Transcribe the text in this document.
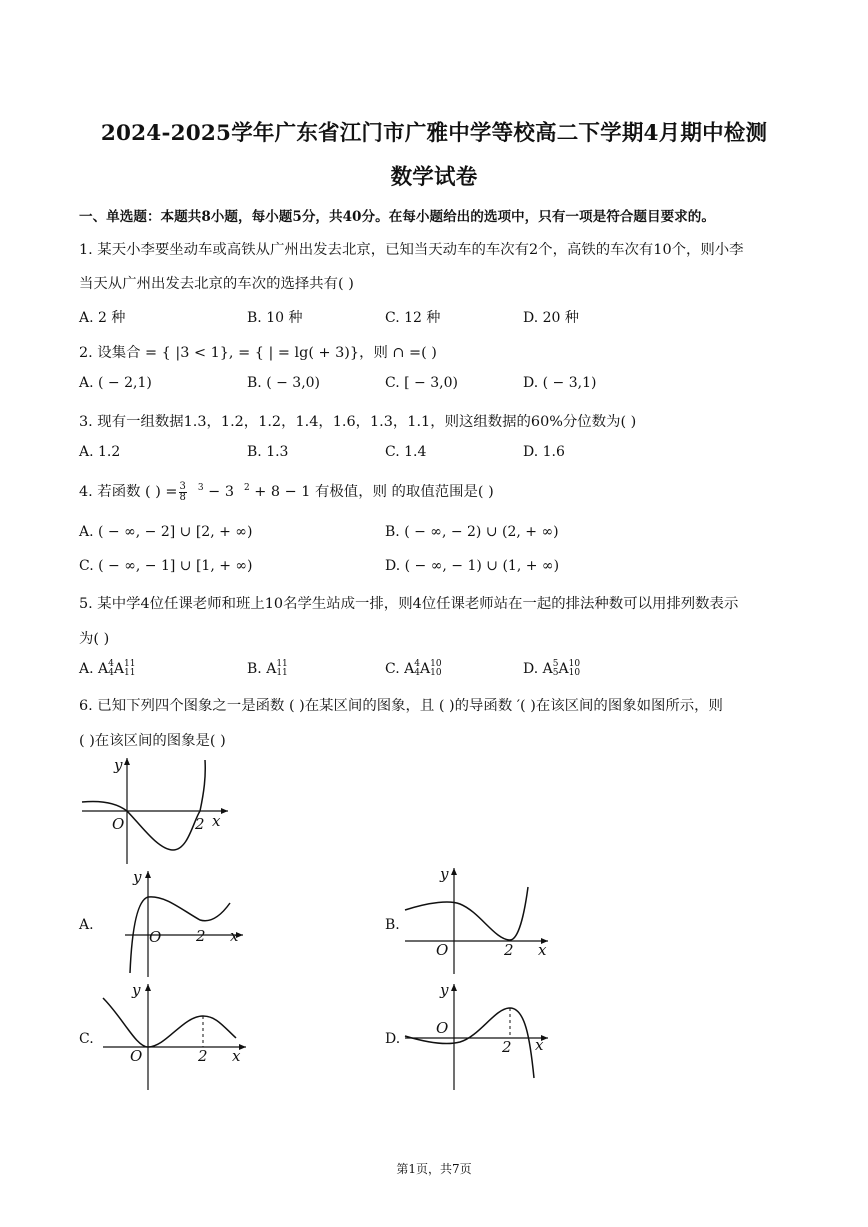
2024-2025学年广东省江门市广雅中学等校高二下学期4月期中检测
数学试卷
一、单选题：本题共8小题，每小题5分，共40分。在每小题给出的选项中，只有一项是符合题目要求的。
1. 某天小李要坐动车或高铁从广州出发去北京，已知当天动车的车次有2个，高铁的车次有10个，则小李
当天从广州出发去北京的车次的选择共有( )
A. 2 种	B. 10 种	C. 12 种	D. 20 种
2. 设集合 = { |3 < 1}, = { | = lg( + 3)}，则 ∩ =( )
A. ( − 2,1)	B. ( − 3,0)	C. [ − 3,0)	D. ( − 3,1)
3. 现有一组数据1.3，1.2，1.2，1.4，1.6，1.3，1.1，则这组数据的60%分位数为( )
A. 1.2	B. 1.3	C. 1.4	D. 1.6
4. 若函数 ( ) = $\frac{3}{8} ^3 - 3$ $^2$ + 8 − 1 有极值，则 的取值范围是( )
A. ( − ∞, − 2] ∪ [2, + ∞)	B. ( − ∞, − 2) ∪ (2, + ∞)
C. ( − ∞, − 1] ∪ [1, + ∞)	D. ( − ∞, − 1) ∪ (1, + ∞)
5. 某中学4位任课老师和班上10名学生站成一排，则4位任课老师站在一起的排法种数可以用排列数表示
为( )
A. A 4
4 A 11
11	B. A 11
11	C. A 4
4 A 10
10	D. A 5
5 A 10
10
6. 已知下列四个图象之一是函数 ( )在某区间的图象，且 ( )的导函数 ′( )在该区间的图象如图所示，则
( )在该区间的图象是( )
y
x
O	2
A.
y
x
O 2
B.
y
x
O	2
C.
y
x
O	2
D.
y
x
O
2
第1页，共7页
